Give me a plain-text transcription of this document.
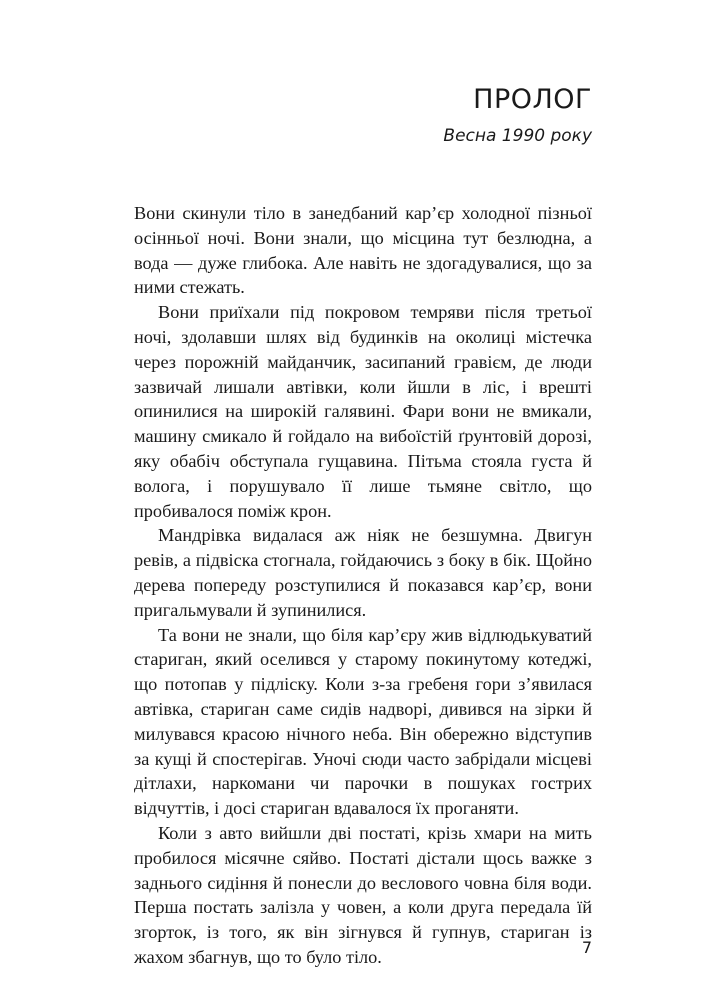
ПРОЛОГ
Весна 1990 року

Вони скинули тіло в занедбаний кар’єр холодної пізньої осінньої ночі. Вони знали, що місцина тут безлюдна, а вода — дуже глибока. Але навіть не здогадувалися, що за ними стежать.

Вони приїхали під покровом темряви після третьої ночі, здолавши шлях від будинків на околиці містечка через порожній майданчик, засипаний гравієм, де люди зазвичай лишали автівки, коли йшли в ліс, і врешті опинилися на широкій галявині. Фари вони не вмикали, машину смикало й гойдало на вибоїстій ґрунтовій дорозі, яку обабіч обступала гущавина. Пітьма стояла густа й волога, і порушувало її лише тьмяне світло, що пробивалося поміж крон.

Мандрівка видалася аж ніяк не безшумна. Двигун ревів, а підвіска стогнала, гойдаючись з боку в бік. Щойно дерева попереду розступилися й показався кар’єр, вони пригальмували й зупинилися.

Та вони не знали, що біля кар’єру жив відлюдькуватий стариган, який оселився у старому покинутому котеджі, що потопав у підліску. Коли з-за гребеня гори з’явилася автівка, стариган саме сидів надворі, дивився на зірки й милувався красою нічного неба. Він обережно відступив за кущі й спостерігав. Уночі сюди часто забрідали місцеві дітлахи, наркомани чи парочки в пошуках гострих відчуттів, і досі стариган вдавалося їх проганяти.

Коли з авто вийшли дві постаті, крізь хмари на мить пробилося місячне сяйво. Постаті дістали щось важке з заднього сидіння й понесли до веслового човна біля води. Перша постать залізла у човен, а коли друга передала їй згорток, із того, як він зігнувся й гупнув, стариган із жахом збагнув, що то було тіло.	7
